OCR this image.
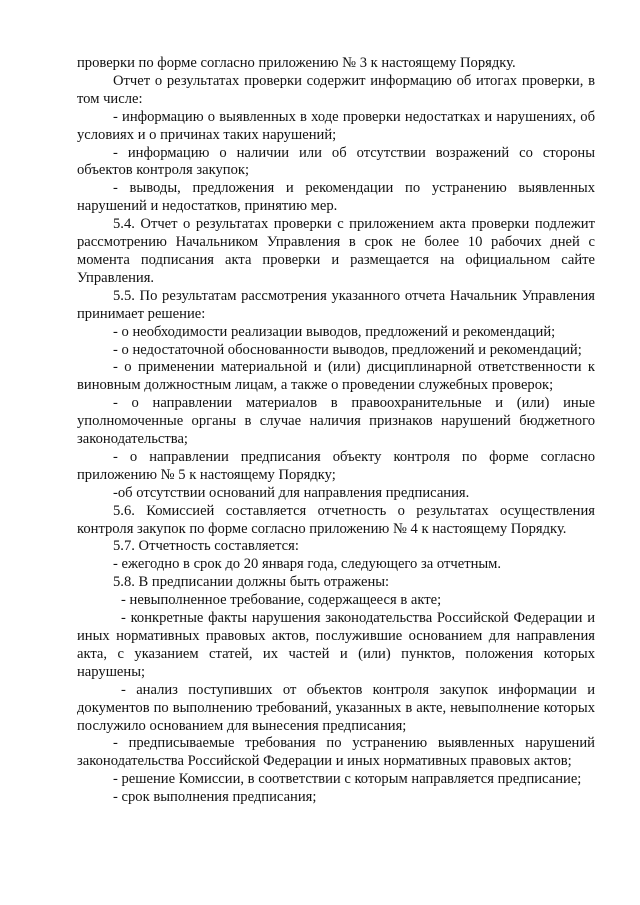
проверки по форме согласно приложению № 3 к настоящему Порядку.

Отчет о результатах проверки содержит информацию об итогах проверки, в том числе:

- информацию о выявленных в ходе проверки недостатках и нарушениях, об условиях и о причинах таких нарушений;

- информацию о наличии или об отсутствии возражений со стороны объектов контроля закупок;

- выводы, предложения и рекомендации по устранению выявленных нарушений и недостатков, принятию мер.

5.4. Отчет о результатах проверки с приложением акта проверки подлежит рассмотрению Начальником Управления в срок не более 10 рабочих дней с момента подписания акта проверки и размещается на официальном сайте Управления.

5.5. По результатам рассмотрения указанного отчета Начальник Управления принимает решение:

- о необходимости реализации выводов, предложений и рекомендаций;

- о недостаточной обоснованности выводов, предложений и рекомендаций;

- о применении материальной и (или) дисциплинарной ответственности к виновным должностным лицам, а также о проведении служебных проверок;

- о направлении материалов в правоохранительные и (или) иные уполномоченные органы в случае наличия признаков нарушений бюджетного законодательства;

- о направлении предписания объекту контроля по форме согласно приложению № 5 к настоящему Порядку;

-об отсутствии оснований для направления предписания.

5.6. Комиссией составляется отчетность о результатах осуществления контроля закупок по форме согласно приложению № 4 к настоящему Порядку.

5.7. Отчетность составляется:

- ежегодно в срок до 20 января года, следующего за отчетным.

5.8. В предписании должны быть отражены:

- невыполненное требование, содержащееся в акте;

- конкретные факты нарушения законодательства Российской Федерации и иных нормативных правовых актов, послужившие основанием для направления акта, с указанием статей, их частей и (или) пунктов, положения которых нарушены;

- анализ поступивших от объектов контроля закупок информации и документов по выполнению требований, указанных в акте, невыполнение которых послужило основанием для вынесения предписания;

- предписываемые требования по устранению выявленных нарушений законодательства Российской Федерации и иных нормативных правовых актов;

- решение Комиссии, в соответствии с которым направляется предписание;

- срок выполнения предписания;
